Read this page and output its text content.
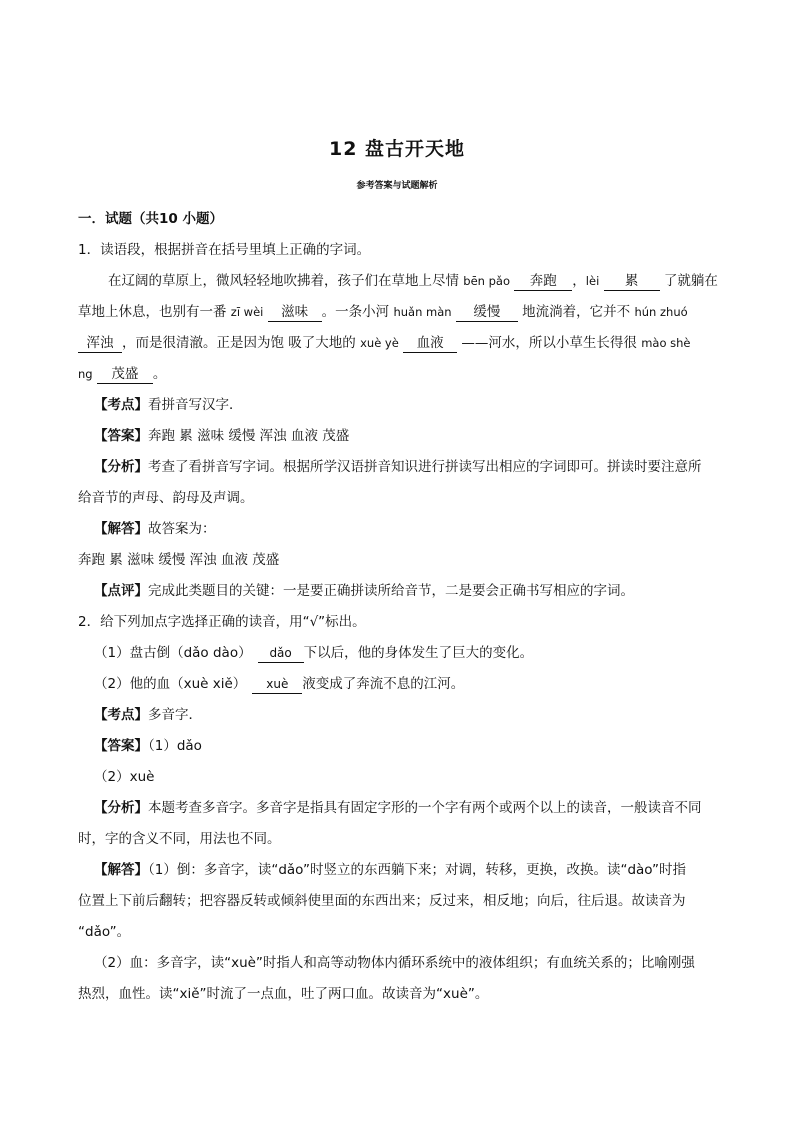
12 盘古开天地
参考答案与试题解析
一．试题（共10 小题）
1．读语段，根据拼音在括号里填上正确的字词。
在辽阔的草原上，微风轻轻地吹拂着，孩子们在草地上尽情 bēn pǎo 奔跑 ，lèi 累 了就躺在
草地上休息，也别有一番 zī wèi 滋味 。一条小河 huǎn màn 缓慢 地流淌着，它并不 hún zhuó
浑浊 ，而是很清澈。正是因为饱 吸了大地的 xuè yè 血液 ——河水，所以小草生长得很 mào shè
ng 茂盛 。
【考点】看拼音写汉字．
【答案】奔跑 累 滋味 缓慢 浑浊 血液 茂盛
【分析】考查了看拼音写字词。根据所学汉语拼音知识进行拼读写出相应的字词即可。拼读时要注意所
给音节的声母、韵母及声调。
【解答】故答案为：
奔跑 累 滋味 缓慢 浑浊 血液 茂盛
【点评】完成此类题目的关键：一是要正确拼读所给音节，二是要会正确书写相应的字词。
2．给下列加点字选择正确的读音，用“√”标出。
（1）盘古倒（dǎo dào） dǎo 下以后，他的身体发生了巨大的变化。
（2）他的血（xuè xiě） xuè 液变成了奔流不息的江河。
【考点】多音字．
【答案】（1）dǎo
（2）xuè
【分析】本题考查多音字。多音字是指具有固定字形的一个字有两个或两个以上的读音，一般读音不同
时，字的含义不同，用法也不同。
【解答】（1）倒：多音字，读“dǎo”时竖立的东西躺下来；对调，转移，更换，改换。读“dào”时指
位置上下前后翻转；把容器反转或倾斜使里面的东西出来；反过来，相反地；向后，往后退。故读音为
“dǎo”。
（2）血：多音字，读“xuè”时指人和高等动物体内循环系统中的液体组织；有血统关系的；比喻刚强
热烈，血性。读“xiě”时流了一点血，吐了两口血。故读音为“xuè”。
